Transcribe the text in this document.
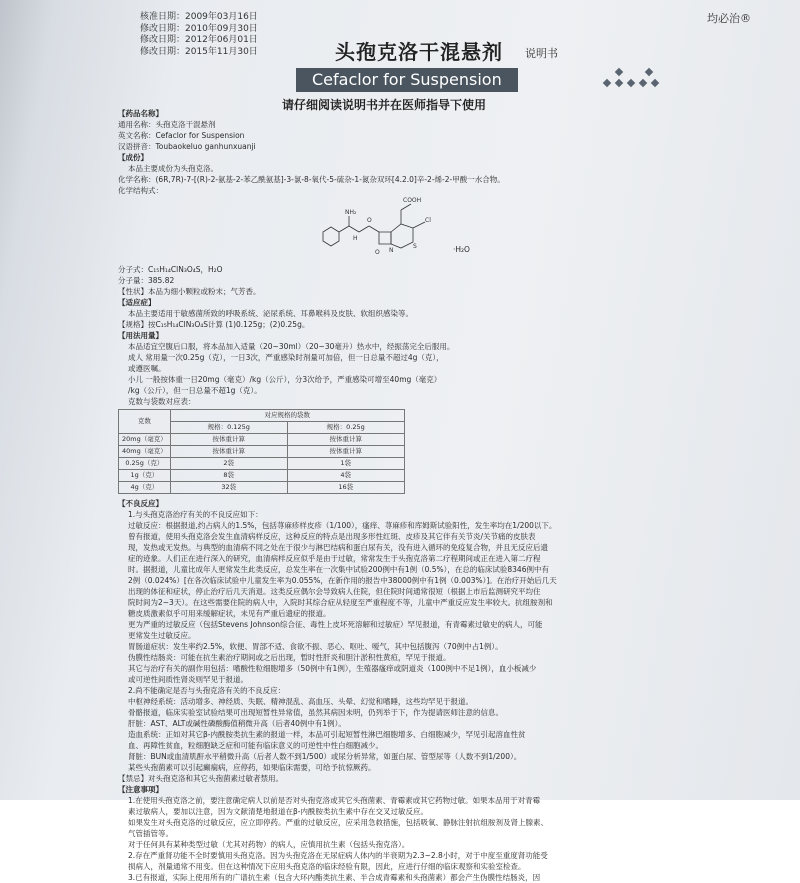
核准日期：2009年03月16日
修改日期：2010年09月30日
修改日期：2012年06月01日
修改日期：2015年11月30日
均必治®
头孢克洛干混悬剂 说明书
Cefaclor for Suspension
请仔细阅读说明书并在医师指导下使用
【药品名称】
通用名称：头孢克洛干混悬剂
英文名称：Cefaclor for Suspension
汉语拼音：Toubaokeluo ganhunxuanji
【成份】
本品主要成份为头孢克洛。
化学名称：(6R,7R)-7-[(R)-2-氨基-2-苯乙酰氨基]-3-氯-8-氧代-5-硫杂-1-氮杂双环[4.2.0]辛-2-烯-2-甲酸一水合物。
化学结构式：
NH₂
H
O
O N
S
Cl
COOH
·H₂O
分子式：C₁₅H₁₄ClN₃O₄S，H₂O
分子量：385.82
【性状】本品为细小颗粒或粉末；气芳香。
【适应症】
本品主要适用于敏感菌所致的呼吸系统、泌尿系统、耳鼻喉科及皮肤、软组织感染等。
【规格】按C₁₅H₁₄ClN₃O₄S计算 (1)0.125g；(2)0.25g。
【用法用量】
本品适宜空腹后口服，将本品加入适量（20~30ml）（20~30毫升）热水中，经振荡完全后服用。
成人 常用量一次0.25g（克），一日3次，严重感染时剂量可加倍，但一日总量不超过4g（克），
或遵医嘱。
小儿 一般按体重一日20mg（毫克）/kg（公斤），分3次给予，严重感染可增至40mg（毫克）
/kg（公斤），但一日总量不超1g（克）。
克数与袋数对应表：
克数	对应规格的袋数	
	规格：0.125g	规格：0.25g
20mg（毫克）	按体重计算	按体重计算
40mg（毫克）	按体重计算	按体重计算
0.25g（克）	2袋	1袋
1g（克）	8袋	4袋
4g（克）	32袋	16袋
【不良反应】
1.与头孢克洛治疗有关的不良反应如下：
过敏反应：根据报道,约占病人的1.5%，包括荨麻疹样皮疹（1/100），瘙痒、荨麻疹和库姆斯试验阳性，发生率均在1/200以下。
曾有报道，使用头孢克洛会发生血清病样反应，这种反应的特点是出现多形性红斑、皮疹及其它伴有关节炎/关节痛的皮肤表
现，发热或无发热。与典型的血清病不同之处在于很少与淋巴结病和蛋白尿有关，没有进入循环的免疫复合物，并且无反应后遗
症的迹象。人们正在进行深入的研究，血清病样反应似乎是由于过敏，常常发生于头孢克洛第二疗程期间或正在进入第二疗程
时。据报道，儿童比成年人更常发生此类反应，总发生率在一次集中试验200例中有1例（0.5%），在总的临床试验8346例中有
2例（0.024%）[在各次临床试验中儿童发生率为0.055%，在新作用的报告中38000例中有1例（0.003%）]。在治疗开始后几天
出现的体征和症状，停止治疗后几天消退。这类反应偶尔会导致病人住院，但住院时间通常很短（根据上市后监测研究平均住
院时间为2~3天）。在这些需要住院的病人中，入院时其综合症从轻度至严重程度不等，儿童中严重反应发生率较大。抗组胺剂和
糖皮质激素似乎可用来缓解症状，未见有严重后遗症的报道。
更为严重的过敏反应（包括Stevens Johnson综合征、毒性上皮坏死溶解和过敏症）罕见报道，有青霉素过敏史的病人，可能
更常发生过敏反应。
胃肠道症状：发生率约2.5%，软便、胃部不适、食欲不振、恶心、呕吐、嗳气，其中包括腹泻（70例中占1例）。
伪膜性结肠炎：可能在抗生素治疗期间或之后出现，暂时性肝炎和胆汁淤积性黄疸，罕见于报道。
其它与治疗有关的副作用包括：嗜酸性粒细胞增多（50例中有1例），生殖器瘙痒或阴道炎（100例中不足1例），血小板减少
或可逆性间质性肾炎则罕见于报道。
2.尚不能确定是否与头孢克洛有关的不良反应：
中枢神经系统：活动增多、神经质、失眠、精神混乱、高血压、头晕、幻觉和嗜睡，这些均罕见于报道。
骨骼报道，临床实验室试验结果可出现短暂性异常值，虽然其病因未明，仍列举于下，作为提请医师注意的信息。
肝脏：AST、ALT或碱性磷酸酶值稍微升高（后者40例中有1例）。
造血系统：正如对其它β-内酰胺类抗生素的报道一样，本品可引起短暂性淋巴细胞增多、白细胞减少，罕见引起溶血性贫
血、再障性贫血，粒细胞缺乏症和可能有临床意义的可逆性中性白细胞减少。
肾脏：BUN或血清肌酐水平稍微升高（后者人数不到1/500）或尿分析异常，如蛋白尿、管型尿等（人数不到1/200）。
某些头孢菌素可以引起癫痫病，应停药，如果临床需要，可给予抗惊厥药。
【禁忌】对头孢克洛和其它头孢菌素过敏者禁用。
【注意事项】
1.在使用头孢克洛之前，要注意确定病人以前是否对头孢克洛或其它头孢菌素、青霉素或其它药物过敏。如果本品用于对青霉
素过敏病人，要加以注意，因为文献清楚地报道在β-内酰胺类抗生素中存在交叉过敏反应。
如果发生对头孢克洛的过敏反应，应立即停药。严重的过敏反应，应采用急救措施，包括吸氧、静脉注射抗组胺剂及肾上腺素、
气管插管等。
对于任何具有某种类型过敏（尤其对药物）的病人，应慎用抗生素（包括头孢克洛）。
2.存在严重肾功能不全时要慎用头孢克洛。因为头孢克洛在无尿症病人体内的半衰期为2.3~2.8小时，对于中度至重度肾功能受
损病人，剂量通常不用变。但在这种情况下应用头孢克洛的临床经验有限，因此，应进行仔细的临床观察和实验室检查。
3.已有报道，实际上使用所有的广谱抗生素（包含大环内酯类抗生素、半合成青霉素和头孢菌素）都会产生伪膜性结肠炎，因
